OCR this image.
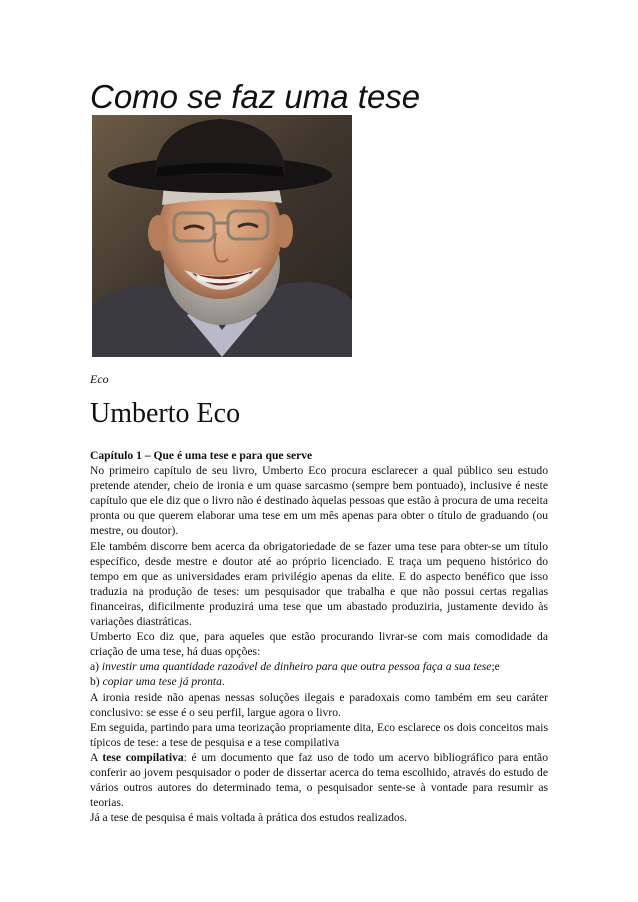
Como se faz uma tese

Eco

Umberto Eco

Capítulo 1 – Que é uma tese e para que serve

No primeiro capítulo de seu livro, Umberto Eco procura esclarecer a qual público seu estudo pretende atender, cheio de ironia e um quase sarcasmo (sempre bem pontuado), inclusive é neste capítulo que ele diz que o livro não é destinado àquelas pessoas que estão à procura de uma receita pronta ou que querem elaborar uma tese em um mês apenas para obter o título de graduando (ou mestre, ou doutor).

Ele também discorre bem acerca da obrigatoriedade de se fazer uma tese para obter-se um título específico, desde mestre e doutor até ao próprio licenciado. E traça um pequeno histórico do tempo em que as universidades eram privilégio apenas da elite. E do aspecto benéfico que isso traduzia na produção de teses: um pesquisador que trabalha e que não possui certas regalias financeiras, dificilmente produzirá uma tese que um abastado produziria, justamente devido às variações diastráticas.

Umberto Eco diz que, para aqueles que estão procurando livrar-se com mais comodidade da criação de uma tese, há duas opções:

a) investir uma quantidade razoável de dinheiro para que outra pessoa faça a sua tese;e

b) copiar uma tese já pronta.

A ironia reside não apenas nessas soluções ilegais e paradoxais como também em seu caráter conclusivo: se esse é o seu perfil, largue agora o livro.

Em seguida, partindo para uma teorização propriamente dita, Eco esclarece os dois conceitos mais típicos de tese: a tese de pesquisa e a tese compilativa

A tese compilativa: é um documento que faz uso de todo um acervo bibliográfico para então conferir ao jovem pesquisador o poder de dissertar acerca do tema escolhido, através do estudo de vários outros autores do determinado tema, o pesquisador sente-se à vontade para resumir as teorias.

Já a tese de pesquisa é mais voltada à prática dos estudos realizados.
